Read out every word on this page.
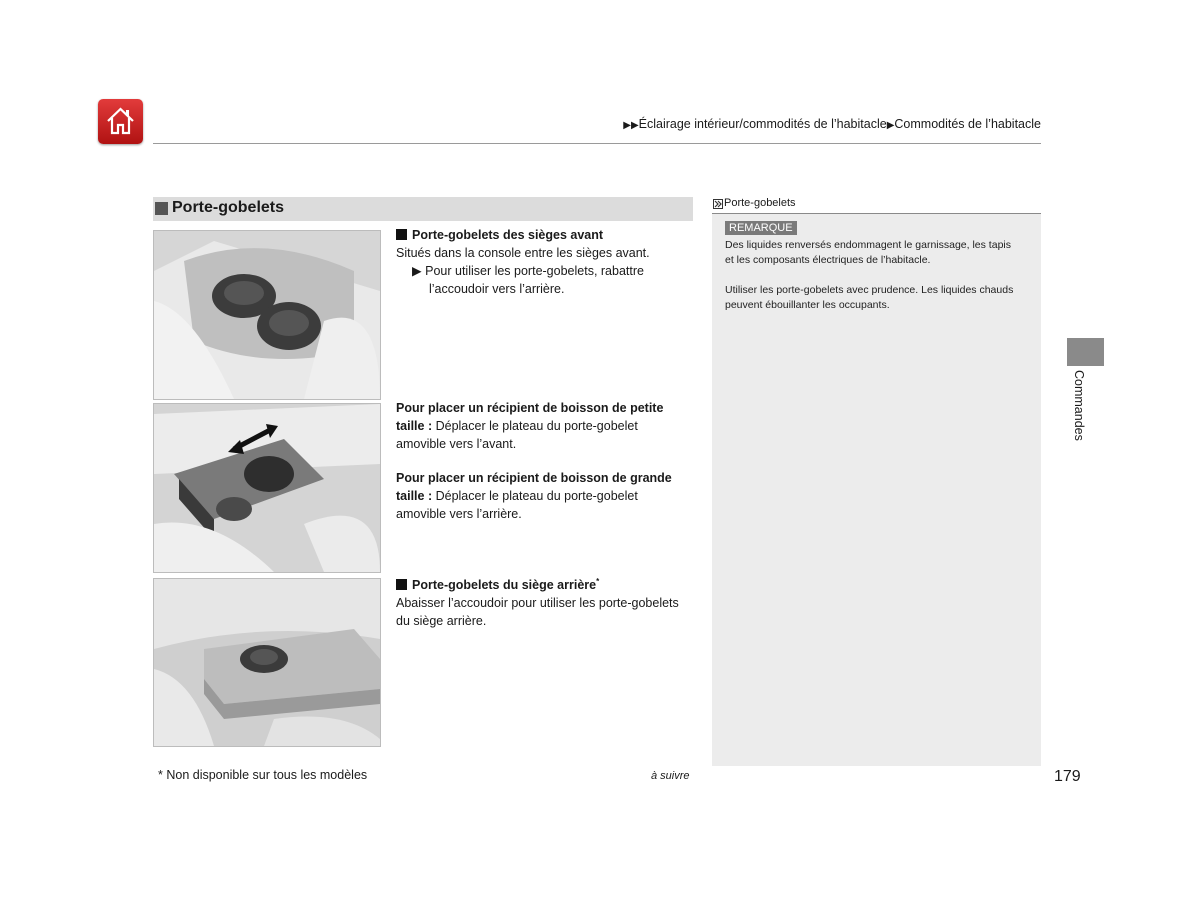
▶▶Éclairage intérieur/commodités de l’habitacle▶Commodités de l’habitacle
Porte-gobelets
Porte-gobelets des sièges avant
Situés dans la console entre les sièges avant.
▶ Pour utiliser les porte-gobelets, rabattre
l’accoudoir vers l’arrière.
Pour placer un récipient de boisson de petite
taille : Déplacer le plateau du porte-gobelet
amovible vers l’avant.
Pour placer un récipient de boisson de grande
taille : Déplacer le plateau du porte-gobelet
amovible vers l’arrière.
Porte-gobelets du siège arrière*
Abaisser l’accoudoir pour utiliser les porte-gobelets
du siège arrière.
Porte-gobelets
REMARQUE
Des liquides renversés endommagent le garnissage, les tapis
et les composants électriques de l’habitacle.
Utiliser les porte-gobelets avec prudence. Les liquides chauds
peuvent ébouillanter les occupants.
Commandes
* Non disponible sur tous les modèles	à suivre	179
